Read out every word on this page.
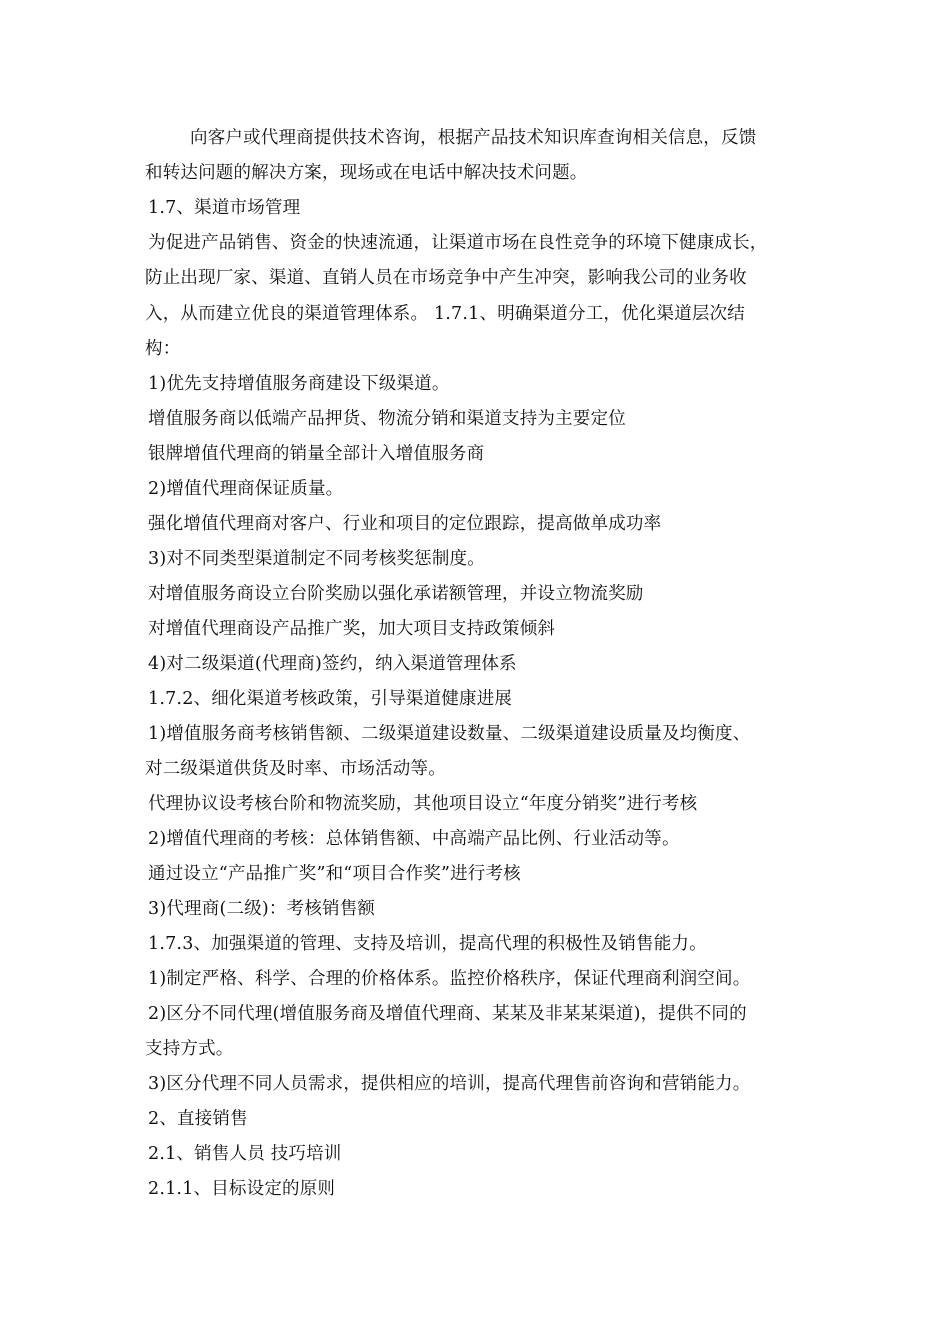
向客户或代理商提供技术咨询，根据产品技术知识库查询相关信息，反馈
和转达问题的解决方案，现场或在电话中解决技术问题。
1.7、渠道市场管理
为促进产品销售、资金的快速流通，让渠道市场在良性竞争的环境下健康成长，
防止出现厂家、渠道、直销人员在市场竞争中产生冲突，影响我公司的业务收
入，从而建立优良的渠道管理体系。 1.7.1、明确渠道分工，优化渠道层次结
构：
1)优先支持增值服务商建设下级渠道。
增值服务商以低端产品押货、物流分销和渠道支持为主要定位
银牌增值代理商的销量全部计入增值服务商
2)增值代理商保证质量。
强化增值代理商对客户、行业和项目的定位跟踪，提高做单成功率
3)对不同类型渠道制定不同考核奖惩制度。
对增值服务商设立台阶奖励以强化承诺额管理，并设立物流奖励
对增值代理商设产品推广奖，加大项目支持政策倾斜
4)对二级渠道(代理商)签约，纳入渠道管理体系
1.7.2、细化渠道考核政策，引导渠道健康进展
1)增值服务商考核销售额、二级渠道建设数量、二级渠道建设质量及均衡度、
对二级渠道供货及时率、市场活动等。
代理协议设考核台阶和物流奖励，其他项目设立“年度分销奖”进行考核
2)增值代理商的考核：总体销售额、中高端产品比例、行业活动等。
通过设立“产品推广奖”和“项目合作奖”进行考核
3)代理商(二级)：考核销售额
1.7.3、加强渠道的管理、支持及培训，提高代理的积极性及销售能力。
1)制定严格、科学、合理的价格体系。监控价格秩序，保证代理商利润空间。
2)区分不同代理(增值服务商及增值代理商、某某及非某某渠道)，提供不同的
支持方式。
3)区分代理不同人员需求，提供相应的培训，提高代理售前咨询和营销能力。
2、直接销售
2.1、销售人员 技巧培训
2.1.1、目标设定的原则
